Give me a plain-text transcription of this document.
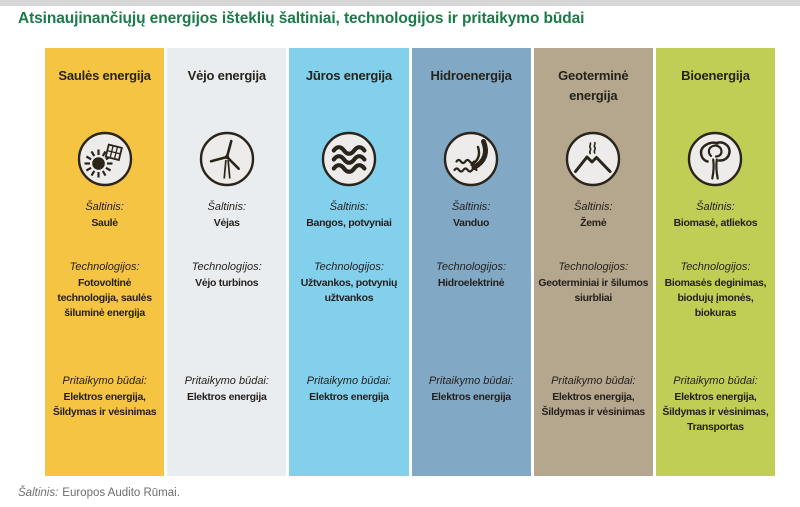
Atsinaujinančiųjų energijos išteklių šaltiniai, technologijos ir pritaikymo būdai
Saulės energija
Šaltinis:
Saulė
Technologijos:
Fotovoltinė technologija, saulės šiluminė energija
Pritaikymo būdai:
Elektros energija, Šildymas ir vėsinimas
Vėjo energija
Šaltinis:
Vėjas
Technologijos:
Vėjo turbinos
Pritaikymo būdai:
Elektros energija
Jūros energija
Šaltinis:
Bangos, potvyniai
Technologijos:
Užtvankos, potvynių užtvankos
Pritaikymo būdai:
Elektros energija
Hidroenergija
Šaltinis:
Vanduo
Technologijos:
Hidroelektrinė
Pritaikymo būdai:
Elektros energija
Geoterminė energija
Šaltinis:
Žemė
Technologijos:
Geoterminiai ir šilumos siurbliai
Pritaikymo būdai:
Elektros energija, Šildymas ir vėsinimas
Bioenergija
Šaltinis:
Biomasė, atliekos
Technologijos:
Biomasės deginimas, biodujų įmonės, biokuras
Pritaikymo būdai:
Elektros energija, Šildymas ir vėsinimas, Transportas
Šaltinis: Europos Audito Rūmai.
